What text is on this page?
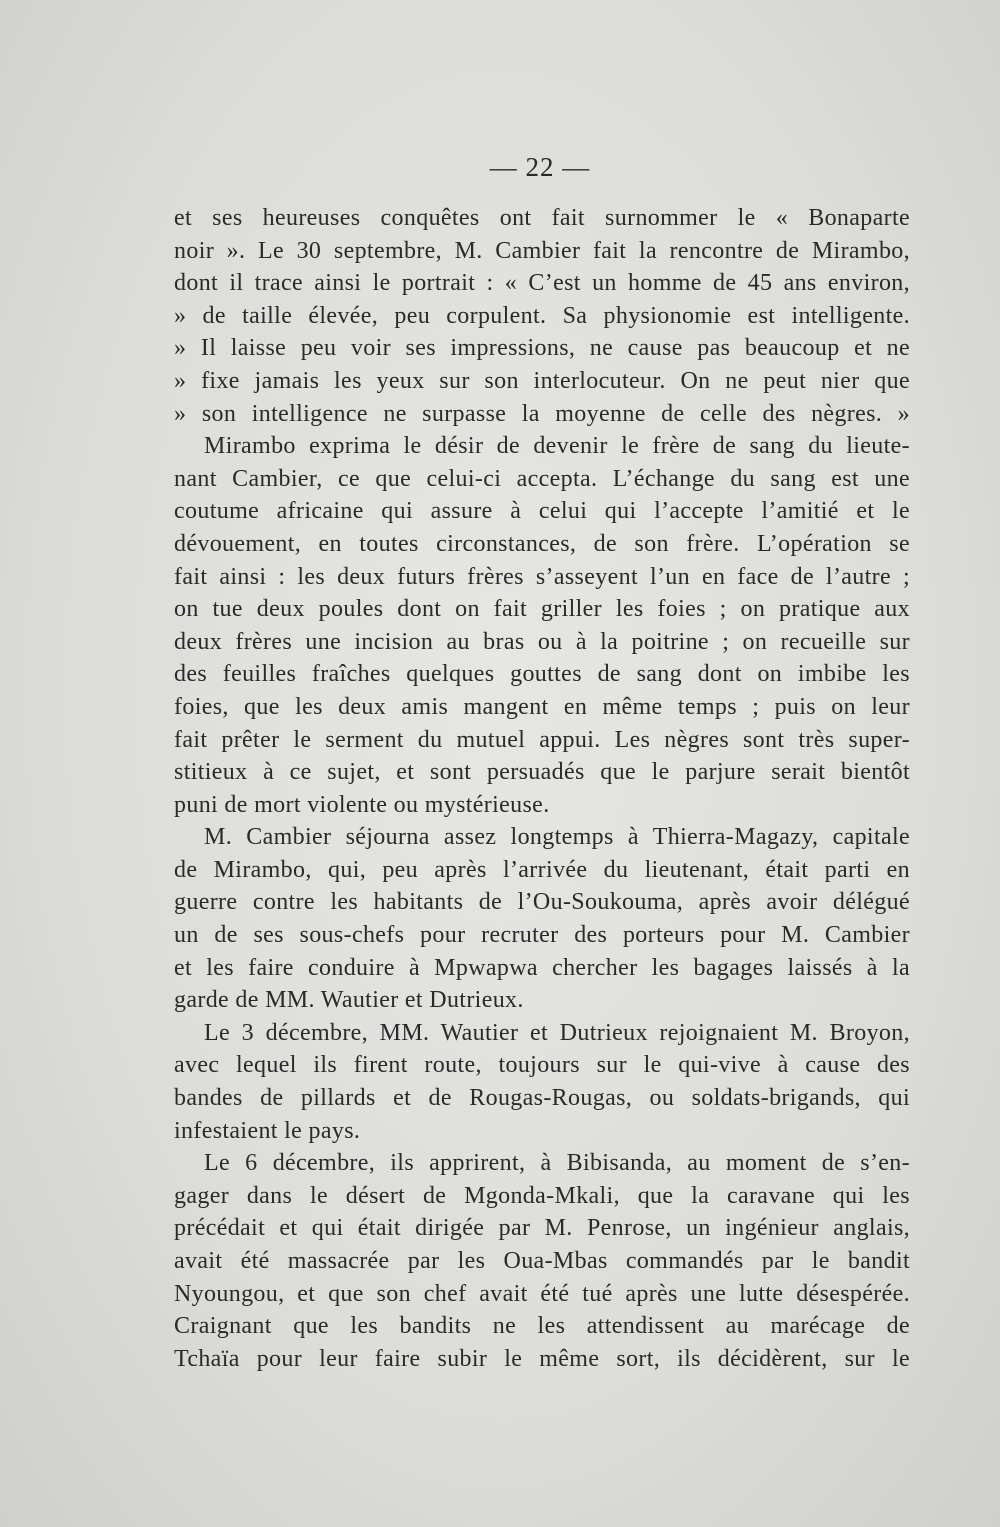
— 22 —
et ses heureuses conquêtes ont fait surnommer le « Bonaparte
noir ». Le 30 septembre, M. Cambier fait la rencontre de Mirambo,
dont il trace ainsi le portrait : « C’est un homme de 45 ans environ,
» de taille élevée, peu corpulent. Sa physionomie est intelligente.
» Il laisse peu voir ses impressions, ne cause pas beaucoup et ne
» fixe jamais les yeux sur son interlocuteur. On ne peut nier que
» son intelligence ne surpasse la moyenne de celle des nègres. »
Mirambo exprima le désir de devenir le frère de sang du lieute-
nant Cambier, ce que celui-ci accepta. L’échange du sang est une
coutume africaine qui assure à celui qui l’accepte l’amitié et le
dévouement, en toutes circonstances, de son frère. L’opération se
fait ainsi : les deux futurs frères s’asseyent l’un en face de l’autre ;
on tue deux poules dont on fait griller les foies ; on pratique aux
deux frères une incision au bras ou à la poitrine ; on recueille sur
des feuilles fraîches quelques gouttes de sang dont on imbibe les
foies, que les deux amis mangent en même temps ; puis on leur
fait prêter le serment du mutuel appui. Les nègres sont très super-
stitieux à ce sujet, et sont persuadés que le parjure serait bientôt
puni de mort violente ou mystérieuse.
M. Cambier séjourna assez longtemps à Thierra-Magazy, capitale
de Mirambo, qui, peu après l’arrivée du lieutenant, était parti en
guerre contre les habitants de l’Ou-Soukouma, après avoir délégué
un de ses sous-chefs pour recruter des porteurs pour M. Cambier
et les faire conduire à Mpwapwa chercher les bagages laissés à la
garde de MM. Wautier et Dutrieux.
Le 3 décembre, MM. Wautier et Dutrieux rejoignaient M. Broyon,
avec lequel ils firent route, toujours sur le qui-vive à cause des
bandes de pillards et de Rougas-Rougas, ou soldats-brigands, qui
infestaient le pays.
Le 6 décembre, ils apprirent, à Bibisanda, au moment de s’en-
gager dans le désert de Mgonda-Mkali, que la caravane qui les
précédait et qui était dirigée par M. Penrose, un ingénieur anglais,
avait été massacrée par les Oua-Mbas commandés par le bandit
Nyoungou, et que son chef avait été tué après une lutte désespérée.
Craignant que les bandits ne les attendissent au marécage de
Tchaïa pour leur faire subir le même sort, ils décidèrent, sur le
